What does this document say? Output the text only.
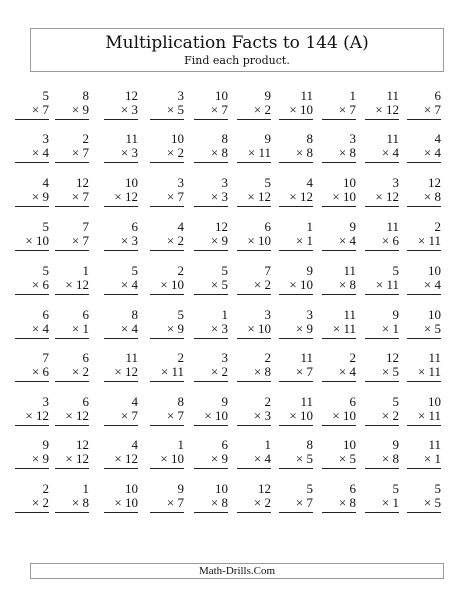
Multiplication Facts to 144 (A)
Find each product.
5
× 7
8
× 9
12
× 3
3
× 5
10
× 7
9
× 2
11
× 10
1
× 7
11
× 12
6
× 7
3
× 4
2
× 7
11
× 3
10
× 2
8
× 8
9
× 11
8
× 8
3
× 8
11
× 4
4
× 4
4
× 9
12
× 7
10
× 12
3
× 7
3
× 3
5
× 12
4
× 12
10
× 10
3
× 12
12
× 8
5
× 10
7
× 7
6
× 3
4
× 2
12
× 9
6
× 10
1
× 1
9
× 4
11
× 6
2
× 11
5
× 6
1
× 12
5
× 4
2
× 10
5
× 5
7
× 2
9
× 10
11
× 8
5
× 11
10
× 4
6
× 4
6
× 1
8
× 4
5
× 9
1
× 3
3
× 10
3
× 9
11
× 11
9
× 1
10
× 5
7
× 6
6
× 2
11
× 12
2
× 11
3
× 2
2
× 8
11
× 7
2
× 4
12
× 5
11
× 11
3
× 12
6
× 12
4
× 7
8
× 7
9
× 10
2
× 3
11
× 10
6
× 10
5
× 2
10
× 11
9
× 9
12
× 12
4
× 12
1
× 10
6
× 9
1
× 4
8
× 5
10
× 5
9
× 8
11
× 1
2
× 2
1
× 8
10
× 10
9
× 7
10
× 8
12
× 2
5
× 7
6
× 8
5
× 1
5
× 5
Math-Drills.Com
